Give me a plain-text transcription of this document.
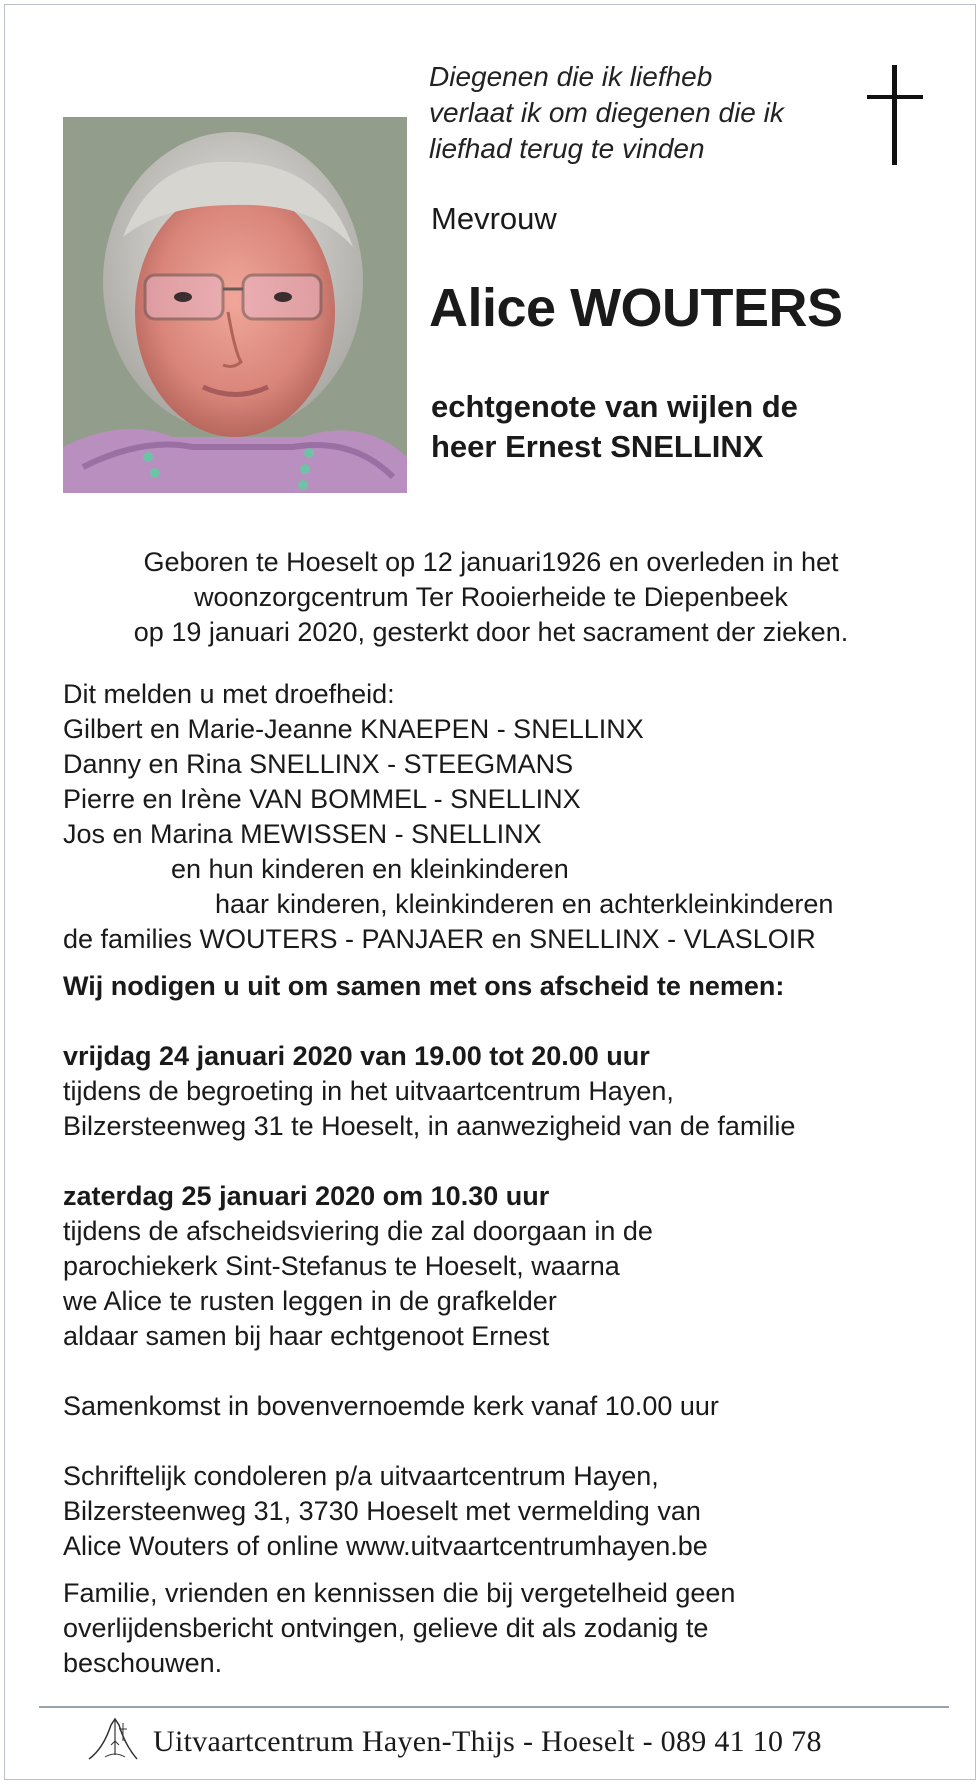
Diegenen die ik liefheb
verlaat ik om diegenen die ik
liefhad terug te vinden
Mevrouw
Alice WOUTERS
echtgenote van wijlen de
heer Ernest SNELLINX
Geboren te Hoeselt op 12 januari1926 en overleden in het
woonzorgcentrum Ter Rooierheide te Diepenbeek
op 19 januari 2020, gesterkt door het sacrament der zieken.
Dit melden u met droefheid:
Gilbert en Marie-Jeanne KNAEPEN - SNELLINX
Danny en Rina SNELLINX - STEEGMANS
Pierre en Irène VAN BOMMEL - SNELLINX
Jos en Marina MEWISSEN - SNELLINX
en hun kinderen en kleinkinderen
haar kinderen, kleinkinderen en achterkleinkinderen
de families WOUTERS - PANJAER en SNELLINX - VLASLOIR
Wij nodigen u uit om samen met ons afscheid te nemen:
vrijdag 24 januari 2020 van 19.00 tot 20.00 uur
tijdens de begroeting in het uitvaartcentrum Hayen,
Bilzersteenweg 31 te Hoeselt, in aanwezigheid van de familie
zaterdag 25 januari 2020 om 10.30 uur
tijdens de afscheidsviering die zal doorgaan in de
parochiekerk Sint-Stefanus te Hoeselt, waarna
we Alice te rusten leggen in de grafkelder
aldaar samen bij haar echtgenoot Ernest
Samenkomst in bovenvernoemde kerk vanaf 10.00 uur
Schriftelijk condoleren p/a uitvaartcentrum Hayen,
Bilzersteenweg 31, 3730 Hoeselt met vermelding van
Alice Wouters of online www.uitvaartcentrumhayen.be
Familie, vrienden en kennissen die bij vergetelheid geen
overlijdensbericht ontvingen, gelieve dit als zodanig te
beschouwen.
Uitvaartcentrum Hayen-Thijs - Hoeselt - 089 41 10 78
